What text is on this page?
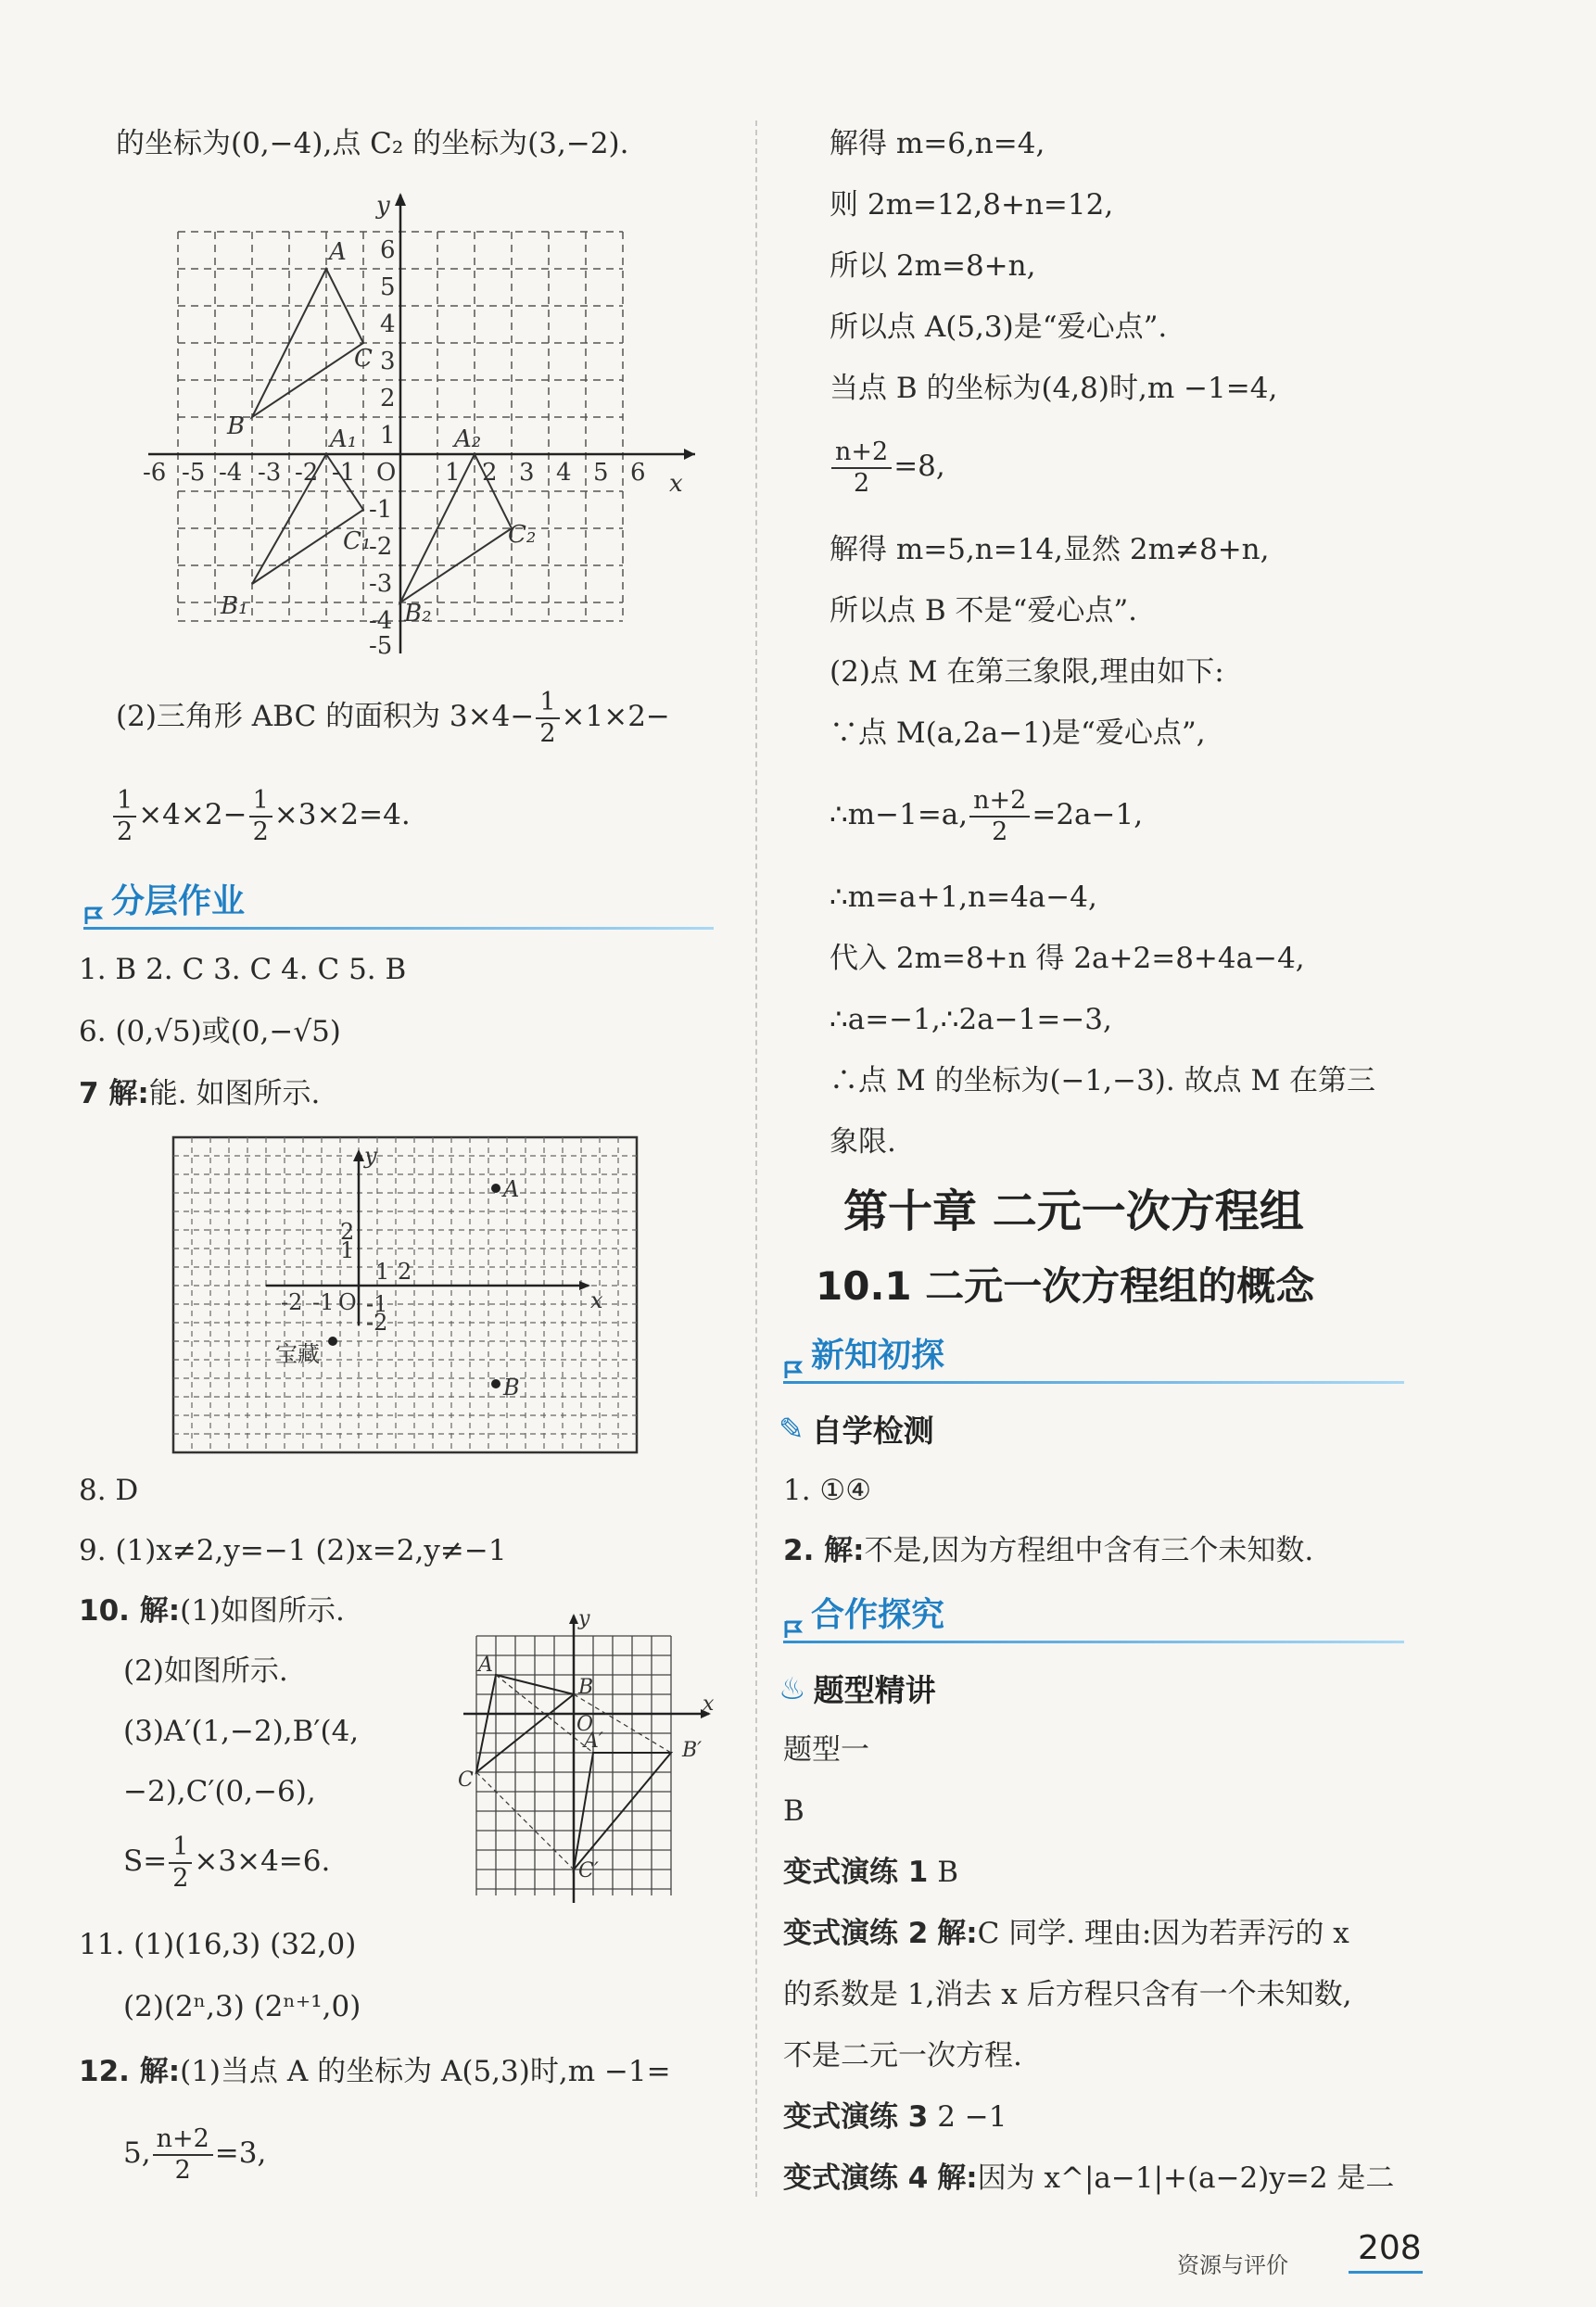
的坐标为(0,−4),点 C₂ 的坐标为(3,−2).
x
y
-6 -5 -4 -3 -2 -1 O 1 2 3 4 5 6
6
5
4
3
2
1
-1
-2
-3
-4
-5
A
B
C
A₁
B₁
C₁
A₂
B₂
C₂
(2)三角形 ABC 的面积为 $3\times 4- \frac{1}{2} \times 1\times 2-$
$\frac{1}{2} \times 4\times 2- \frac{1}{2} \times 3\times 2=4$.
分层作业
1. B 2. C 3. C 4. C 5. B
6. (0,√5)或(0,−√5)
7 解:能. 如图所示.
x
y
A
B
宝藏
O
1
2
-1
-2
-2 -1
1 2
8. D
9. (1)x≠2,y=−1 (2)x=2,y≠−1
10. 解:(1)如图所示.
(2)如图所示.
(3)A′(1,−2),B′(4,
−2),C′(0,−6),
$S= \frac{1}{2} \times 3\times 4=6$.
x
y
A
B
C
A′	B′
C′
O
11. (1)(16,3) (32,0)
(2)(2ⁿ,3) (2ⁿ⁺¹,0)
12. 解:(1)当点 A 的坐标为 A(5,3)时,m −1=
5, $\frac{n+2}{2} =3$,
解得 m=6,n=4,
则 2m=12,8+n=12,
所以 2m=8+n,
所以点 A(5,3)是“爱心点”.
当点 B 的坐标为(4,8)时,m −1=4,
$\frac{n+2}{2} =8$,
解得 m=5,n=14,显然 2m≠8+n,
所以点 B 不是“爱心点”.
(2)点 M 在第三象限,理由如下:
∵点 M(a,2a−1)是“爱心点”,
∴m−1=a, $\frac{n+2}{2} =2a-1$,
∴m=a+1,n=4a−4,
代入 2m=8+n 得 2a+2=8+4a−4,
∴a=−1,∴2a−1=−3,
∴点 M 的坐标为(−1,−3). 故点 M 在第三
象限.
第十章 二元一次方程组
10.1 二元一次方程组的概念
新知初探
✎ 自学检测
1. ①④
2. 解:不是,因为方程组中含有三个未知数.
合作探究
♨ 题型精讲
题型一
B
变式演练 1 B
变式演练 2 解:C 同学. 理由:因为若弄污的 x
的系数是 1,消去 x 后方程只含有一个未知数,
不是二元一次方程.
变式演练 3 2 −1
变式演练 4 解:因为 x^|a−1|+(a−2)y=2 是二
资源与评价 208
